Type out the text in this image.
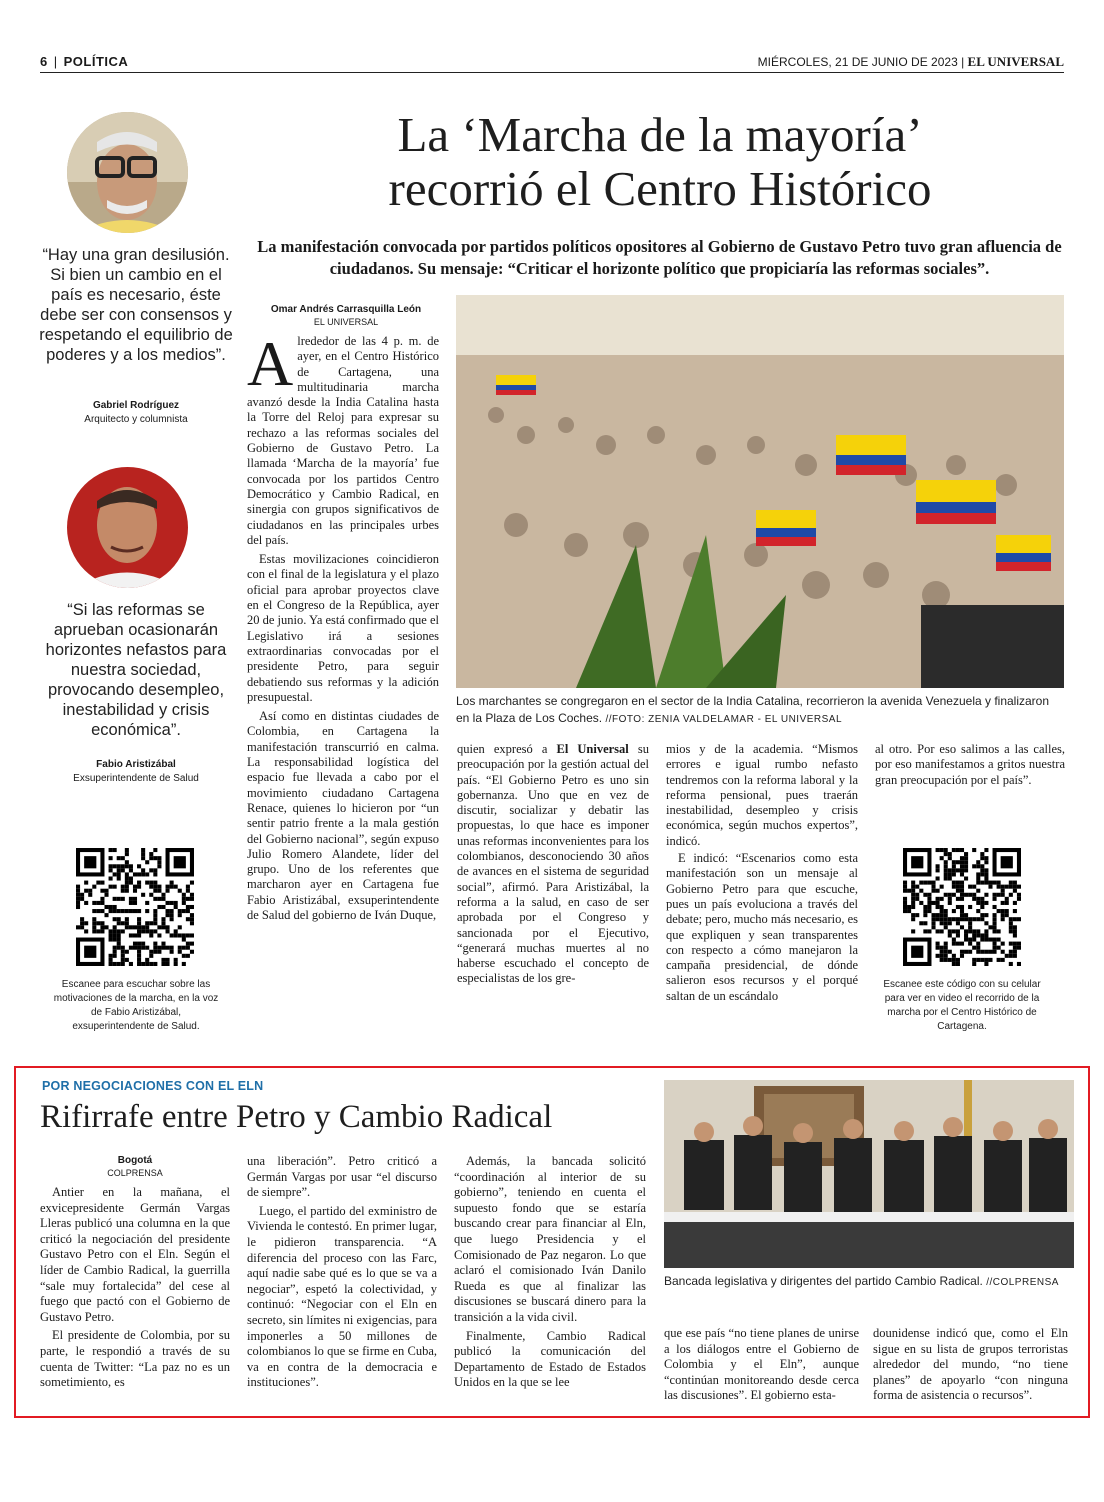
6 | POLÍTICA	MIÉRCOLES, 21 DE JUNIO DE 2023 | EL UNIVERSAL
“Hay una gran desilusión. Si bien un cambio en el país es necesario, éste debe ser con consensos y respetando el equilibrio de poderes y a los medios”.
Gabriel Rodríguez
Arquitecto y columnista
“Si las reformas se aprueban ocasionarán horizontes nefastos para nuestra sociedad, provocando desempleo, inestabilidad y crisis económica”.
Fabio Aristizábal
Exsuperintendente de Salud
Escanee para escuchar sobre las motivaciones de la marcha, en la voz de Fabio Aristizábal, exsuperintendente de Salud.
La ‘Marcha de la mayoría’
recorrió el Centro Histórico
La manifestación convocada por partidos políticos opositores al Gobierno de Gustavo Petro tuvo gran afluencia de ciudadanos. Su mensaje: “Criticar el horizonte político que propiciaría las reformas sociales”.
Omar Andrés Carrasquilla León
EL UNIVERSAL

Alrededor de las 4 p. m. de ayer, en el Centro Histórico de Cartagena, una multitudinaria marcha avanzó desde la India Catalina hasta la Torre del Reloj para expresar su rechazo a las reformas sociales del Gobierno de Gustavo Petro. La llamada ‘Marcha de la mayoría’ fue convocada por los partidos Centro Democrático y Cambio Radical, en sinergia con grupos significativos de ciudadanos en las principales urbes del país.

Estas movilizaciones coincidieron con el final de la legislatura y el plazo oficial para aprobar proyectos clave en el Congreso de la República, ayer 20 de junio. Ya está confirmado que el Legislativo irá a sesiones extraordinarias convocadas por el presidente Petro, para seguir debatiendo sus reformas y la adición presupuestal.

Así como en distintas ciudades de Colombia, en Cartagena la manifestación transcurrió en calma. La responsabilidad logística del espacio fue llevada a cabo por el movimiento ciudadano Cartagena Renace, quienes lo hicieron por “un sentir patrio frente a la mala gestión del Gobierno nacional”, según expuso Julio Romero Alandete, líder del grupo. Uno de los referentes que marcharon ayer en Cartagena fue Fabio Aristizábal, exsuperintendente de Salud del gobierno de Iván Duque,

Los marchantes se congregaron en el sector de la India Catalina, recorrieron la avenida Venezuela y finalizaron en la Plaza de Los Coches. //FOTO: ZENIA VALDELAMAR - EL UNIVERSAL

quien expresó a El Universal su preocupación por la gestión actual del país. “El Gobierno Petro es uno sin gobernanza. Uno que en vez de discutir, socializar y debatir las propuestas, lo que hace es imponer unas reformas inconvenientes para los colombianos, desconociendo 30 años de avances en el sistema de seguridad social”, afirmó. Para Aristizábal, la reforma a la salud, en caso de ser aprobada por el Congreso y sancionada por el Ejecutivo, “generará muchas muertes al no haberse escuchado el concepto de especialistas de los gre-

mios y de la academia. “Mismos errores e igual rumbo nefasto tendremos con la reforma laboral y la reforma pensional, pues traerán inestabilidad, desempleo y crisis económica, según muchos expertos”, indicó.

E indicó: “Escenarios como esta manifestación son un mensaje al Gobierno Petro para que escuche, pues un país evoluciona a través del debate; pero, mucho más necesario, es que expliquen y sean transparentes con respecto a cómo manejaron la campaña presidencial, de dónde salieron esos recursos y el porqué saltan de un escándalo

al otro. Por eso salimos a las calles, por eso manifestamos a gritos nuestra gran preocupación por el país”.

Escanee este código con su celular para ver en video el recorrido de la marcha por el Centro Histórico de Cartagena.
POR NEGOCIACIONES CON EL ELN
Rifirrafe entre Petro y Cambio Radical
Bogotá
COLPRENSA

Antier en la mañana, el exvicepresidente Germán Vargas Lleras publicó una columna en la que criticó la negociación del presidente Gustavo Petro con el Eln. Según el líder de Cambio Radical, la guerrilla “sale muy fortalecida” del cese al fuego que pactó con el Gobierno de Gustavo Petro.

El presidente de Colombia, por su parte, le respondió a través de su cuenta de Twitter: “La paz no es un sometimiento, es

una liberación”. Petro criticó a Germán Vargas por usar “el discurso de siempre”.

Luego, el partido del exministro de Vivienda le contestó. En primer lugar, le pidieron transparencia. “A diferencia del proceso con las Farc, aquí nadie sabe qué es lo que se va a negociar”, espetó la colectividad, y continuó: “Negociar con el Eln en secreto, sin límites ni exigencias, para imponerles a 50 millones de colombianos lo que se firme en Cuba, va en contra de la democracia e instituciones”.

Además, la bancada solicitó “coordinación al interior de su gobierno”, teniendo en cuenta el supuesto fondo que se estaría buscando crear para financiar al Eln, que luego Presidencia y el Comisionado de Paz negaron. Lo que aclaró el comisionado Iván Danilo Rueda es que al finalizar las discusiones se buscará dinero para la transición a la vida civil.

Finalmente, Cambio Radical publicó la comunicación del Departamento de Estado de Estados Unidos en la que se lee

Bancada legislativa y dirigentes del partido Cambio Radical. //COLPRENSA

que ese país “no tiene planes de unirse a los diálogos entre el Gobierno de Colombia y el Eln”, aunque “continúan monitoreando desde cerca las discusiones”. El gobierno esta-

dounidense indicó que, como el Eln sigue en su lista de grupos terroristas alrededor del mundo, “no tiene planes” de apoyarlo “con ninguna forma de asistencia o recursos”.
